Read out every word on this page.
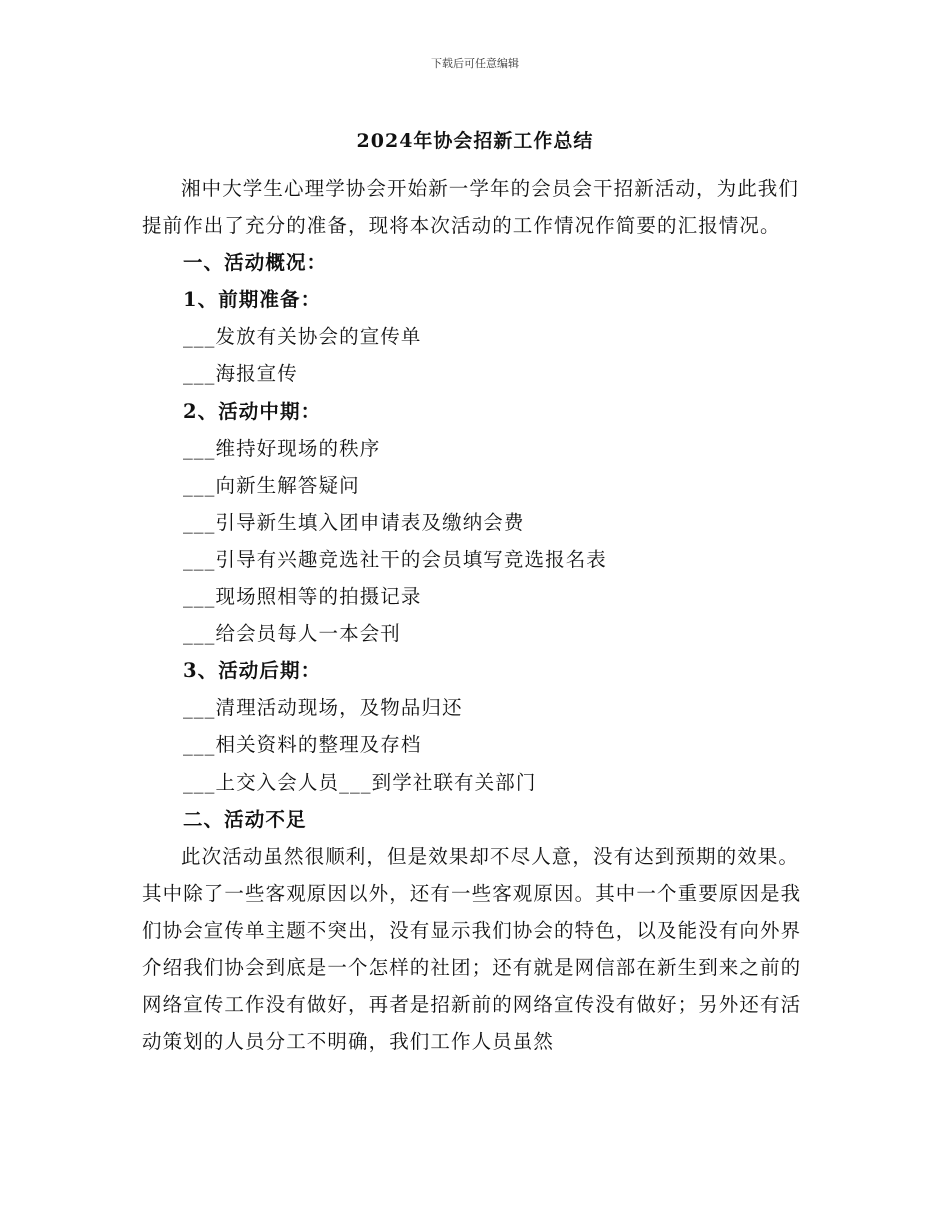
下载后可任意编辑
2024年协会招新工作总结

湘中大学生心理学协会开始新一学年的会员会干招新活动，为此我们提前作出了充分的准备，现将本次活动的工作情况作简要的汇报情况。

一、活动概况：

1、前期准备：

___发放有关协会的宣传单

___海报宣传

2、活动中期：

___维持好现场的秩序

___向新生解答疑问

___引导新生填入团申请表及缴纳会费

___引导有兴趣竞选社干的会员填写竞选报名表

___现场照相等的拍摄记录

___给会员每人一本会刊

3、活动后期：

___清理活动现场，及物品归还

___相关资料的整理及存档

___上交入会人员___到学社联有关部门

二、活动不足

此次活动虽然很顺利，但是效果却不尽人意，没有达到预期的效果。其中除了一些客观原因以外，还有一些客观原因。其中一个重要原因是我们协会宣传单主题不突出，没有显示我们协会的特色，以及能没有向外界介绍我们协会到底是一个怎样的社团；还有就是网信部在新生到来之前的网络宣传工作没有做好，再者是招新前的网络宣传没有做好；另外还有活动策划的人员分工不明确，我们工作人员虽然
